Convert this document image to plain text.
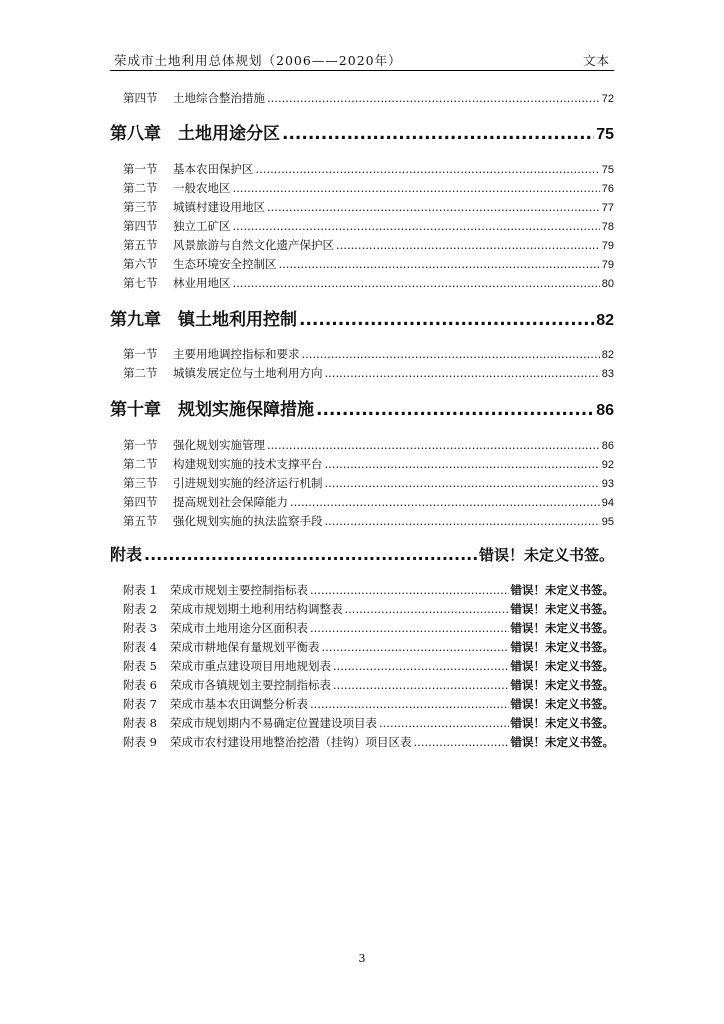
荣成市土地利用总体规划（2006——2020年）	文本
第四节	土地综合整治措施 .....	72
第八章	土地用途分区 .....	75
第一节	基本农田保护区 .....	75
第二节	一般农地区 .....	76
第三节	城镇村建设用地区 .....	77
第四节	独立工矿区 .....	78
第五节	风景旅游与自然文化遗产保护区 .....	79
第六节	生态环境安全控制区 .....	79
第七节	林业用地区 .....	80
第九章	镇土地利用控制 .....	82
第一节	主要用地调控指标和要求 .....	82
第二节	城镇发展定位与土地利用方向 .....	83
第十章	规划实施保障措施 .....	86
第一节	强化规划实施管理 .....	86
第二节	构建规划实施的技术支撑平台 .....	92
第三节	引进规划实施的经济运行机制 .....	93
第四节	提高规划社会保障能力 .....	94
第五节	强化规划实施的执法监察手段 .....	95
附表 .....	错误！未定义书签。
附表 1	荣成市规划主要控制指标表 .....	错误！未定义书签。
附表 2	荣成市规划期土地利用结构调整表 .....	错误！未定义书签。
附表 3	荣成市土地用途分区面积表 .....	错误！未定义书签。
附表 4	荣成市耕地保有量规划平衡表 .....	错误！未定义书签。
附表 5	荣成市重点建设项目用地规划表 .....	错误！未定义书签。
附表 6	荣成市各镇规划主要控制指标表 .....	错误！未定义书签。
附表 7	荣成市基本农田调整分析表 .....	错误！未定义书签。
附表 8	荣成市规划期内不易确定位置建设项目表 .....	错误！未定义书签。
附表 9	荣成市农村建设用地整治挖潜（挂钩）项目区表 .....	错误！未定义书签。
3
